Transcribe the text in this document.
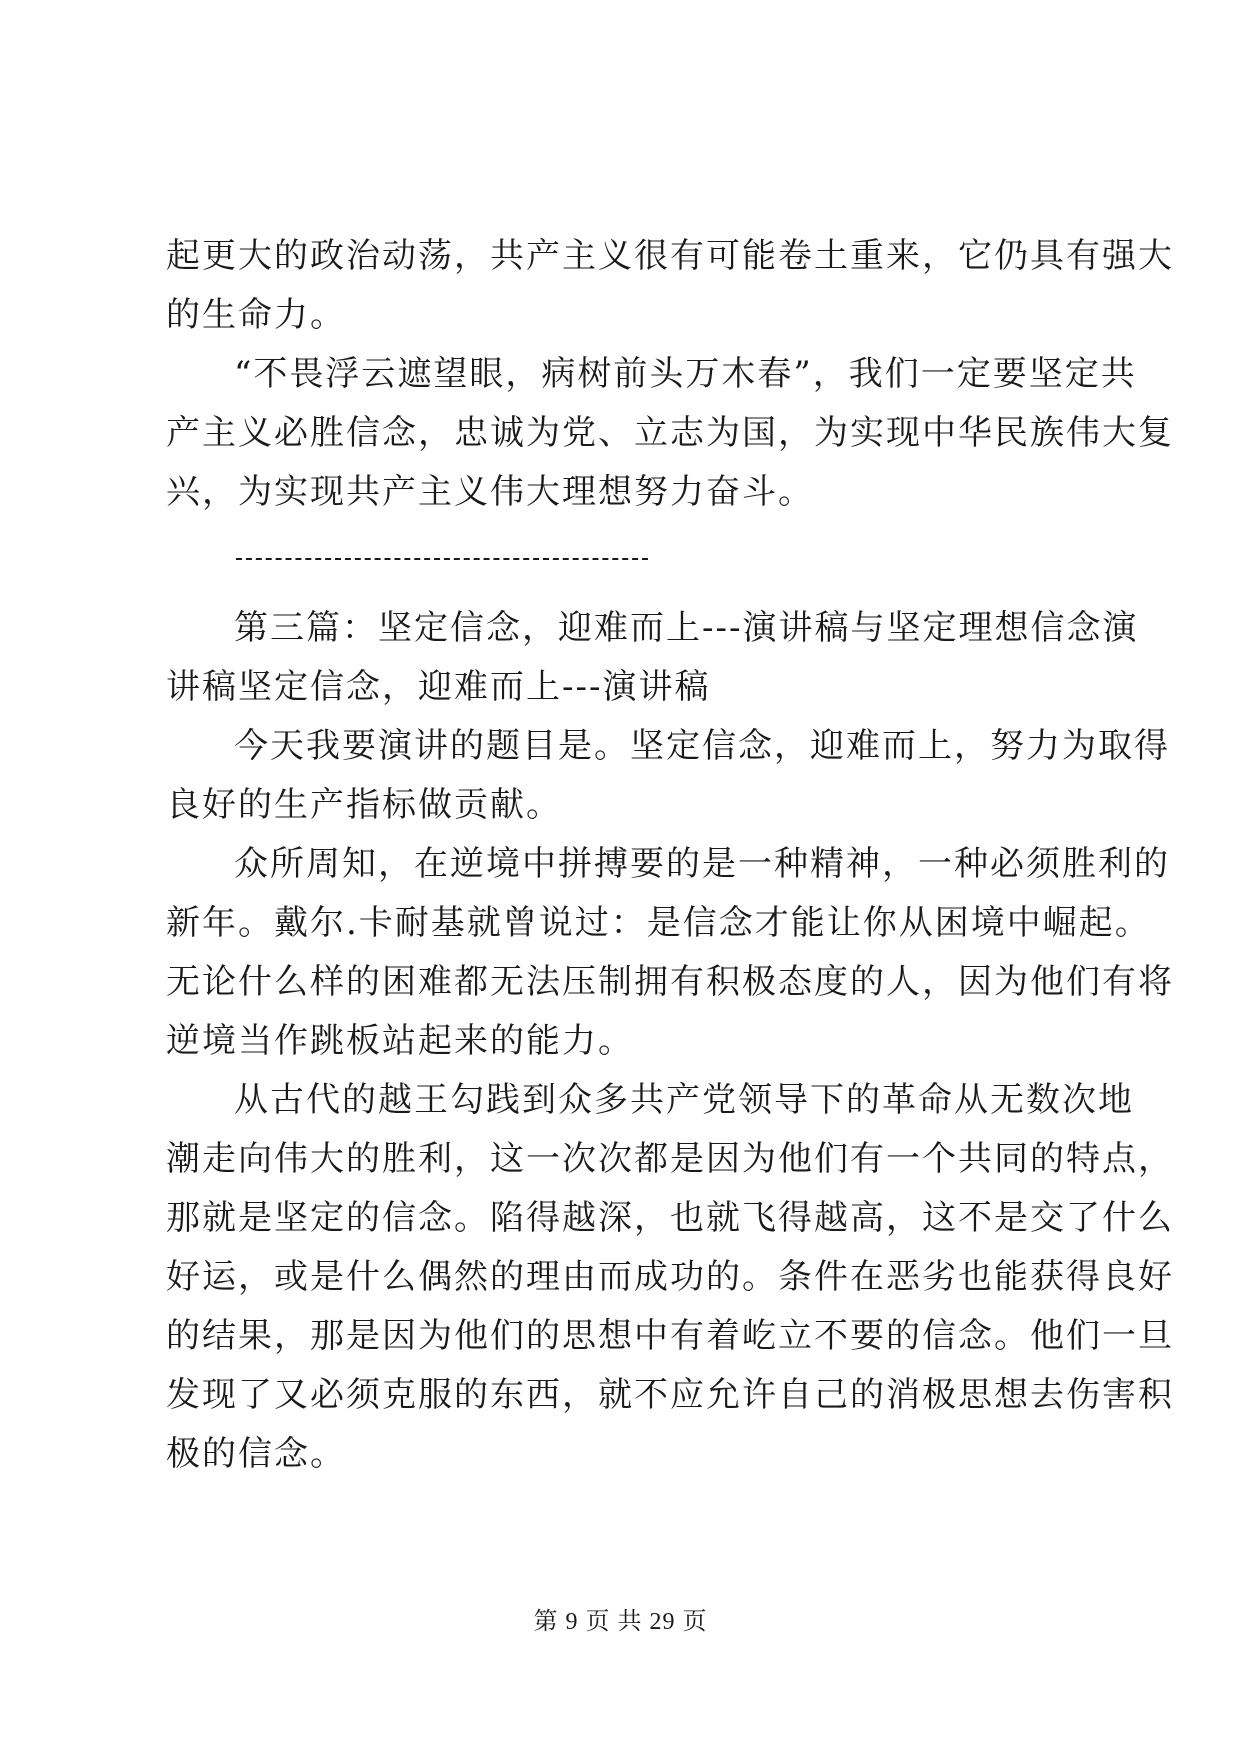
起更大的政治动荡，共产主义很有可能卷土重来，它仍具有强大
的生命力。

“不畏浮云遮望眼，病树前头万木春”，我们一定要坚定共
产主义必胜信念，忠诚为党、立志为国，为实现中华民族伟大复
兴，为实现共产主义伟大理想努力奋斗。

第三篇：坚定信念，迎难而上---演讲稿与坚定理想信念演
讲稿坚定信念，迎难而上---演讲稿

今天我要演讲的题目是。坚定信念，迎难而上，努力为取得
良好的生产指标做贡献。

众所周知，在逆境中拼搏要的是一种精神，一种必须胜利的
新年。戴尔.卡耐基就曾说过：是信念才能让你从困境中崛起。
无论什么样的困难都无法压制拥有积极态度的人，因为他们有将
逆境当作跳板站起来的能力。

从古代的越王勾践到众多共产党领导下的革命从无数次地
潮走向伟大的胜利，这一次次都是因为他们有一个共同的特点，
那就是坚定的信念。陷得越深，也就飞得越高，这不是交了什么
好运，或是什么偶然的理由而成功的。条件在恶劣也能获得良好
的结果，那是因为他们的思想中有着屹立不要的信念。他们一旦
发现了又必须克服的东西，就不应允许自己的消极思想去伤害积
极的信念。

第 9 页 共 29 页
